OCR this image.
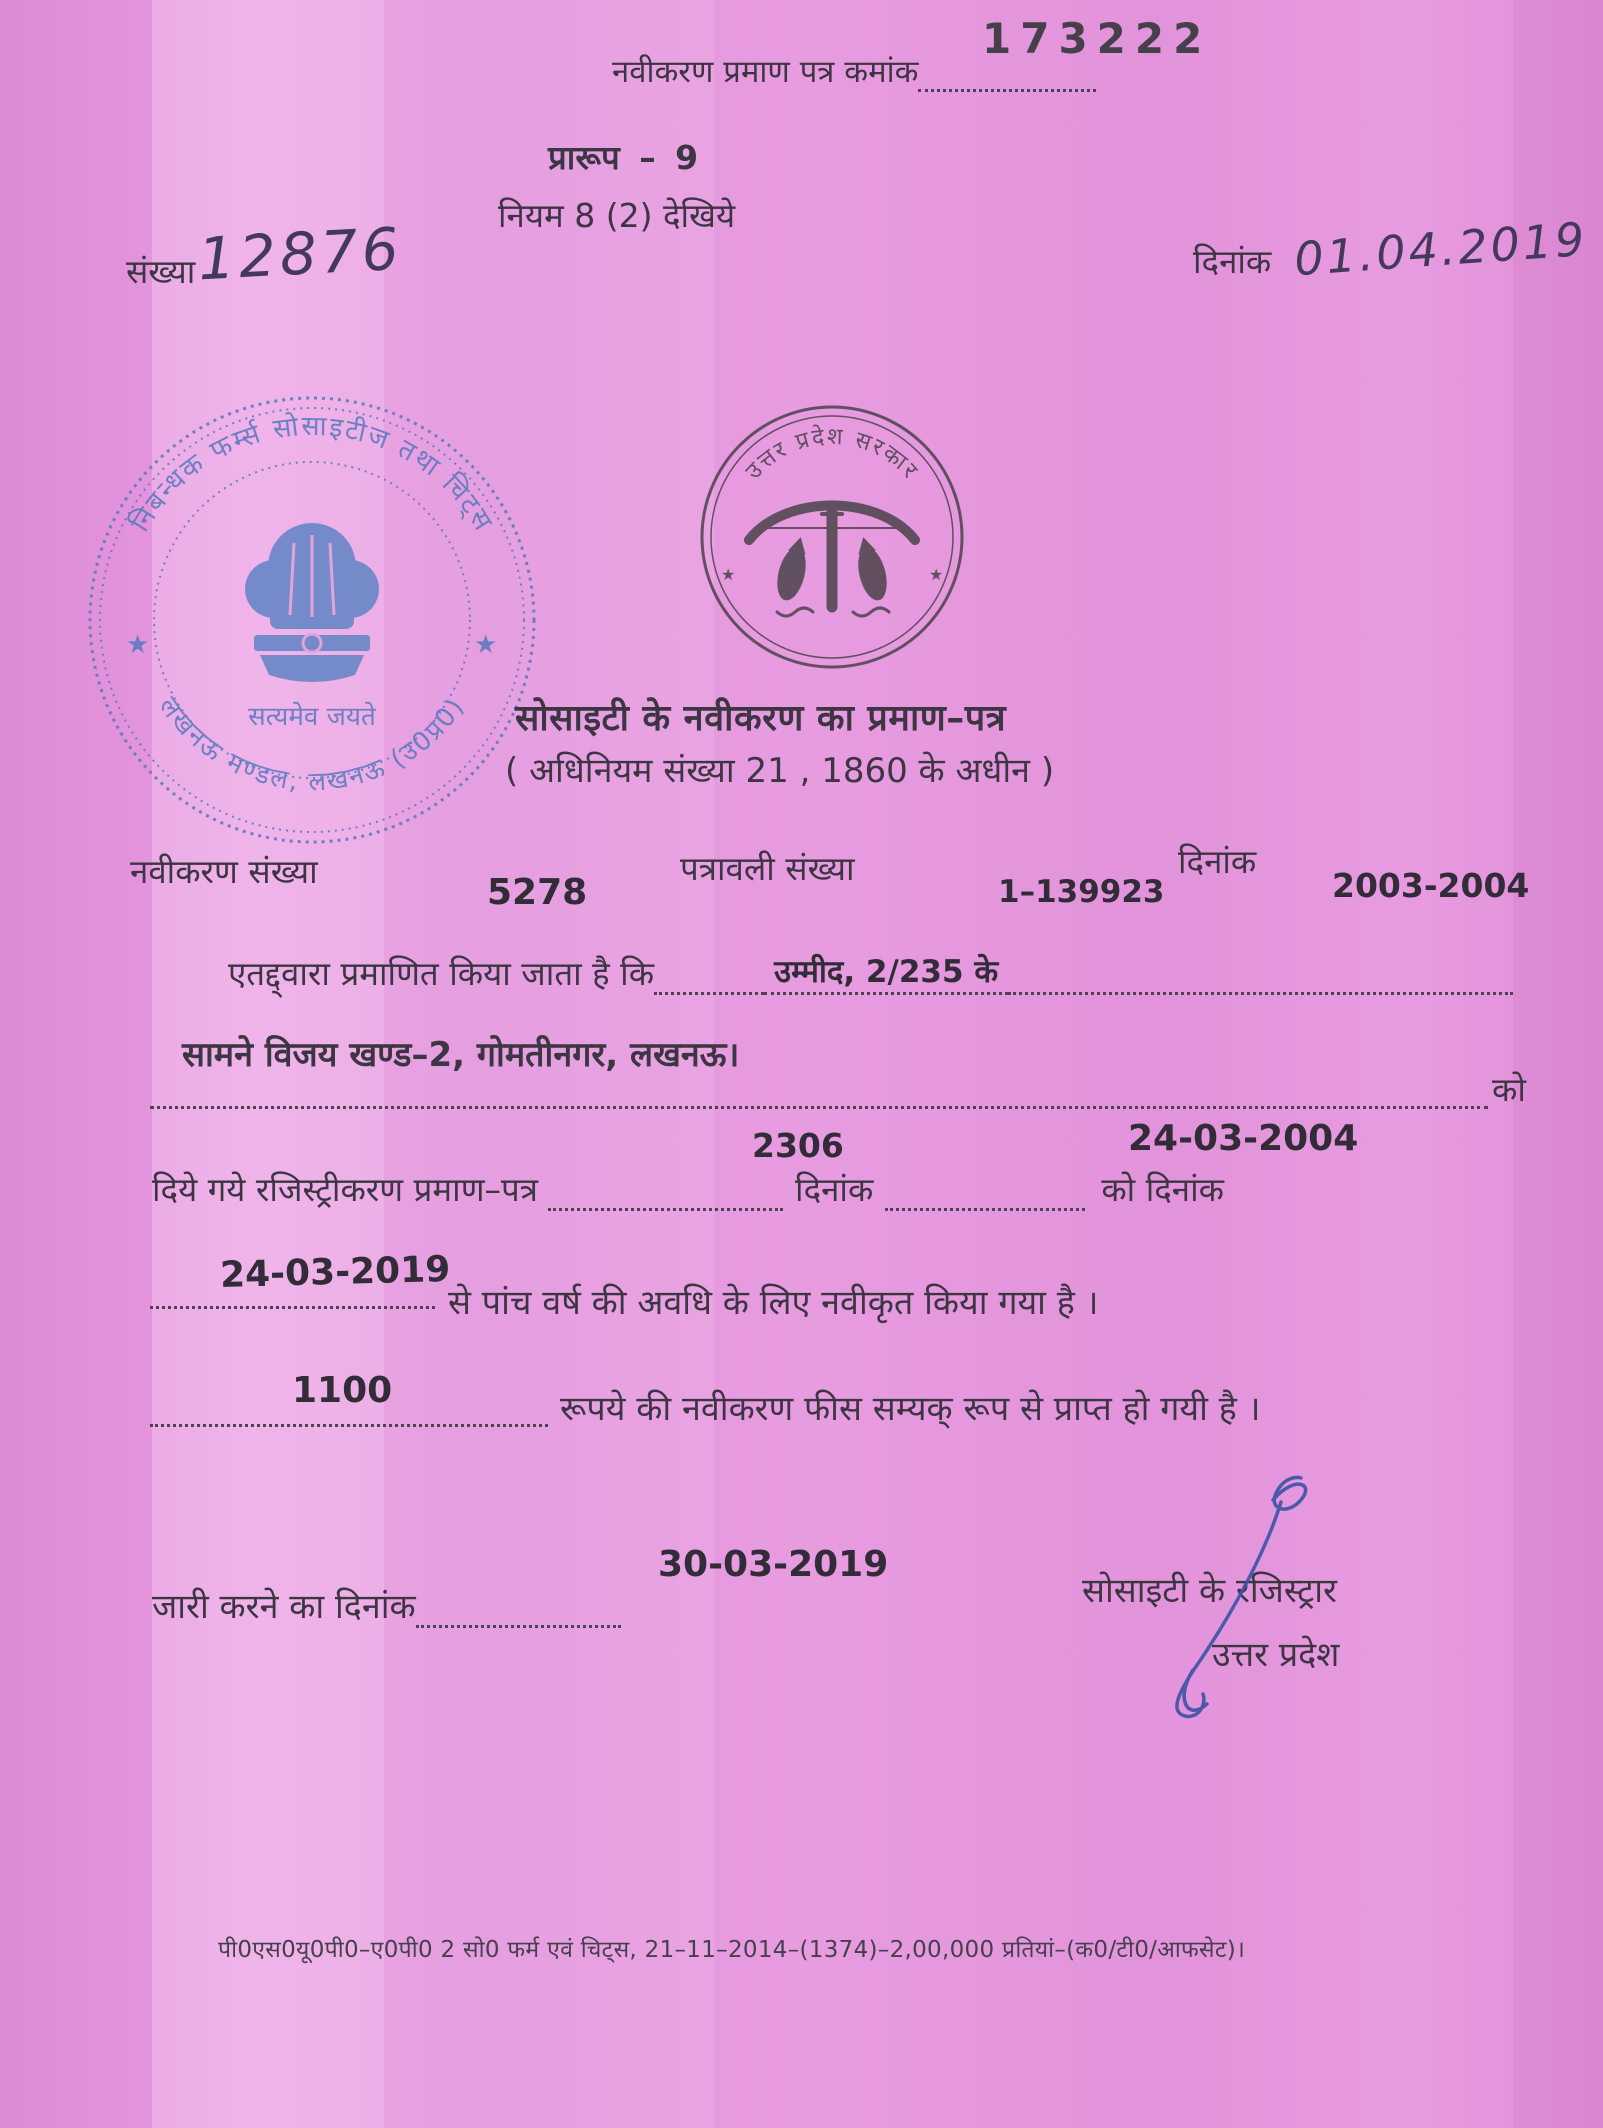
173222
नवीकरण प्रमाण पत्र कमांक
प्रारूप – 9
नियम 8 (2) देखिये
संख्या 12876	दिनांक 01.04.2019
निबन्धक फर्म्स सोसाइटीज तथा चिट्स
लखनऊ मण्डल, लखनऊ (उ0प्र0)
★	★
सत्यमेव जयते
उत्तर प्रदेश सरकार
★	★
सोसाइटी के नवीकरण का प्रमाण–पत्र
( अधिनियम संख्या 21 , 1860 के अधीन )
नवीकरण संख्या
5278
पत्रावली संख्या
1–139923
दिनांक
2003-2004
एतद्द्वारा प्रमाणित किया जाता है कि	उम्मीद, 2/235 के
सामने विजय खण्ड–2, गोमतीनगर, लखनऊ।
को
2306	24-03-2004
दिये गये रजिस्ट्रीकरण प्रमाण–पत्र	दिनांक	को दिनांक
24-03-2019
से पांच वर्ष की अवधि के लिए नवीकृत किया गया है ।
1100	रूपये की नवीकरण फीस सम्यक् रूप से प्राप्त हो गयी है ।
30-03-2019
जारी करने का दिनांक	सोसाइटी के रजिस्ट्रार
उत्तर प्रदेश
पी0एस0यू0पी0–ए0पी0 2 सो0 फर्म एवं चिट्स, 21–11–2014–(1374)–2,00,000 प्रतियां–(क0/टी0/आफसेट)।
